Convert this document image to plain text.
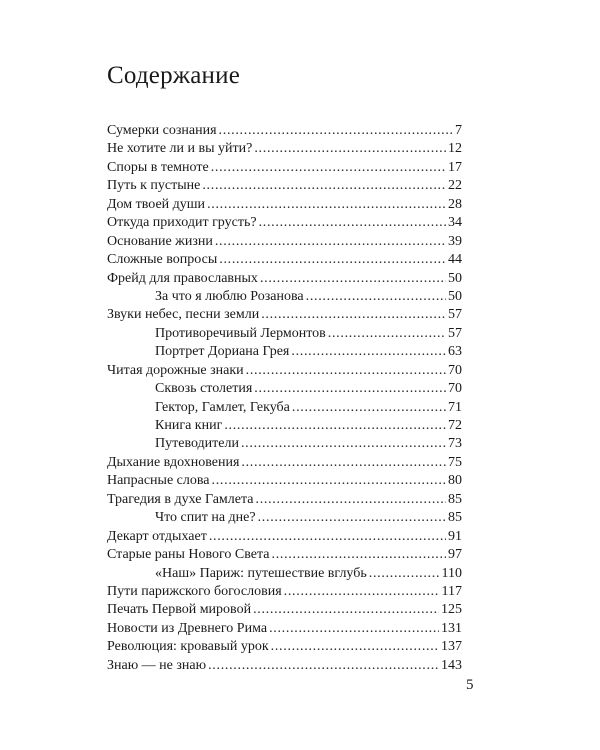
Содержание
Сумерки сознания . . .	7
Не хотите ли и вы уйти? . . .	12
Споры в темноте . . .	17
Путь к пустыне . . .	22
Дом твоей души . . .	28
Откуда приходит грусть? . . .	34
Основание жизни . . .	39
Сложные вопросы . . .	44
Фрейд для православных . . .	50
За что я люблю Розанова . . .	50
Звуки небес, песни земли . . .	57
Противоречивый Лермонтов . . .	57
Портрет Дориана Грея . . .	63
Читая дорожные знаки . . .	70
Сквозь столетия . . .	70
Гектор, Гамлет, Гекуба . . .	71
Книга книг . . .	72
Путеводители . . .	73
Дыхание вдохновения . . .	75
Напрасные слова . . .	80
Трагедия в духе Гамлета . . .	85
Что спит на дне? . . .	85
Декарт отдыхает . . .	91
Старые раны Нового Света . . .	97
«Наш» Париж: путешествие вглубь . . .	110
Пути парижского богословия . . .	117
Печать Первой мировой . . .	125
Новости из Древнего Рима . . .	131
Революция: кровавый урок . . .	137
Знаю — не знаю . . .	143
5
